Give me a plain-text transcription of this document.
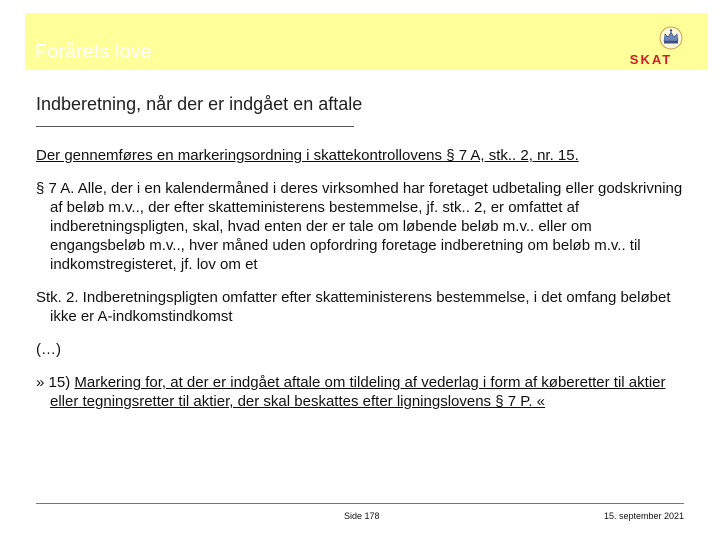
Forårets love	SKAT
Indberetning, når der er indgået en aftale

Der gennemføres en markeringsordning i skattekontrollovens § 7 A, stk.. 2, nr. 15.

§ 7 A. Alle, der i en kalendermåned i deres virksomhed har foretaget udbetaling eller godskrivning af beløb m.v.., der efter skatteministerens bestemmelse, jf. stk.. 2, er omfattet af indberetningspligten, skal, hvad enten der er tale om løbende beløb m.v.. eller om engangsbeløb m.v.., hver måned uden opfordring foretage indberetning om beløb m.v.. til indkomstregisteret, jf. lov om et

Stk. 2. Indberetningspligten omfatter efter skatteministerens bestemmelse, i det omfang beløbet ikke er A-indkomstindkomst

(…)

» 15) Markering for, at der er indgået aftale om tildeling af vederlag i form af køberetter til aktier eller tegningsretter til aktier, der skal beskattes efter ligningslovens § 7 P. «

Side 178	15. september 2021
